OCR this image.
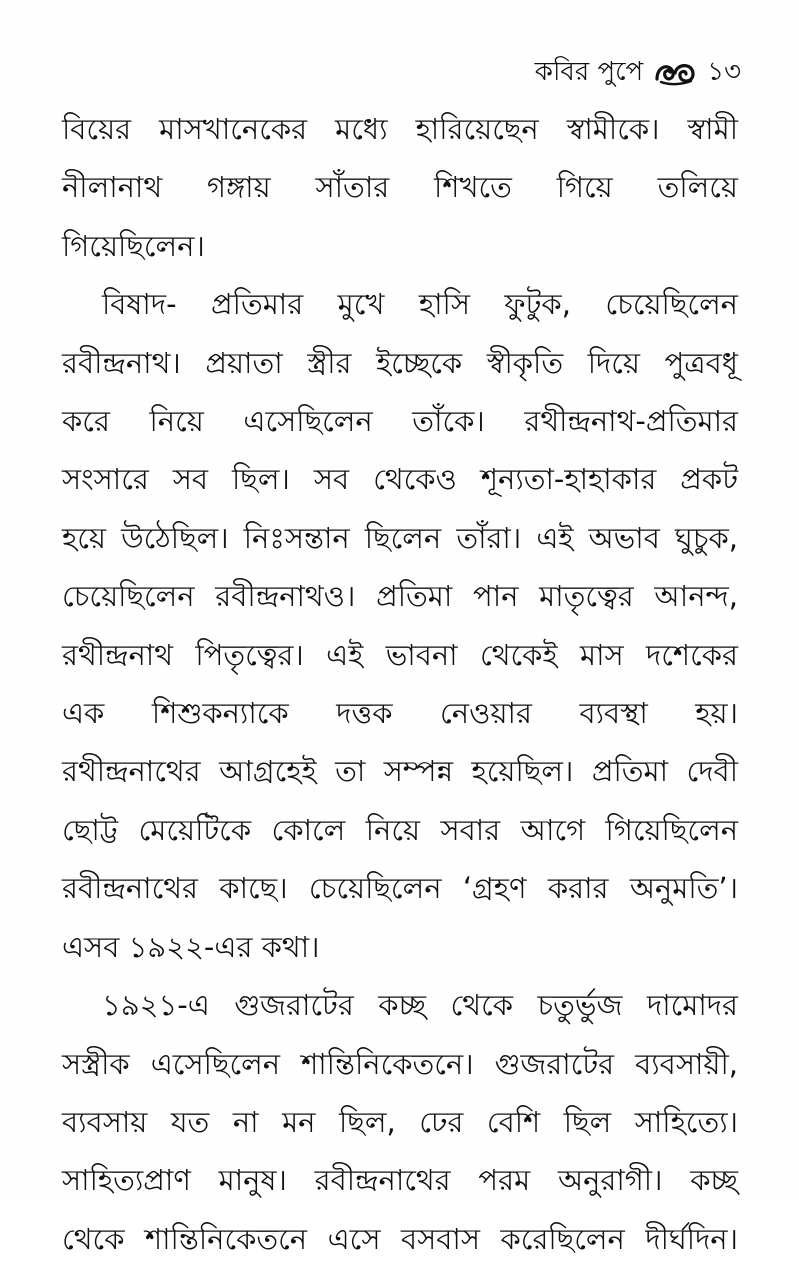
কবির পুপে ১৩

বিয়ের মাসখানেকের মধ্যে হারিয়েছেন স্বামীকে। স্বামী
নীলানাথ গঙ্গায় সাঁতার শিখতে গিয়ে তলিয়ে
গিয়েছিলেন।

বিষাদ- প্রতিমার মুখে হাসি ফুটুক, চেয়েছিলেন
রবীন্দ্রনাথ। প্রয়াতা স্ত্রীর ইচ্ছেকে স্বীকৃতি দিয়ে পুত্রবধূ
করে নিয়ে এসেছিলেন তাঁকে। রথীন্দ্রনাথ-প্রতিমার
সংসারে সব ছিল। সব থেকেও শূন্যতা-হাহাকার প্রকট
হয়ে উঠেছিল। নিঃসন্তান ছিলেন তাঁরা। এই অভাব ঘুচুক,
চেয়েছিলেন রবীন্দ্রনাথও। প্রতিমা পান মাতৃত্বের আনন্দ,
রথীন্দ্রনাথ পিতৃত্বের। এই ভাবনা থেকেই মাস দশেকের
এক শিশুকন্যাকে দত্তক নেওয়ার ব্যবস্থা হয়।
রথীন্দ্রনাথের আগ্রহেই তা সম্পন্ন হয়েছিল। প্রতিমা দেবী
ছোট্ট মেয়েটিকে কোলে নিয়ে সবার আগে গিয়েছিলেন
রবীন্দ্রনাথের কাছে। চেয়েছিলেন ‘গ্রহণ করার অনুমতি’।
এসব ১৯২২-এর কথা।

১৯২১-এ গুজরাটের কচ্ছ থেকে চতুর্ভুজ দামোদর
সস্ত্রীক এসেছিলেন শান্তিনিকেতনে। গুজরাটের ব্যবসায়ী,
ব্যবসায় যত না মন ছিল, ঢের বেশি ছিল সাহিত্যে।
সাহিত্যপ্রাণ মানুষ। রবীন্দ্রনাথের পরম অনুরাগী। কচ্ছ
থেকে শান্তিনিকেতনে এসে বসবাস করেছিলেন দীর্ঘদিন।
